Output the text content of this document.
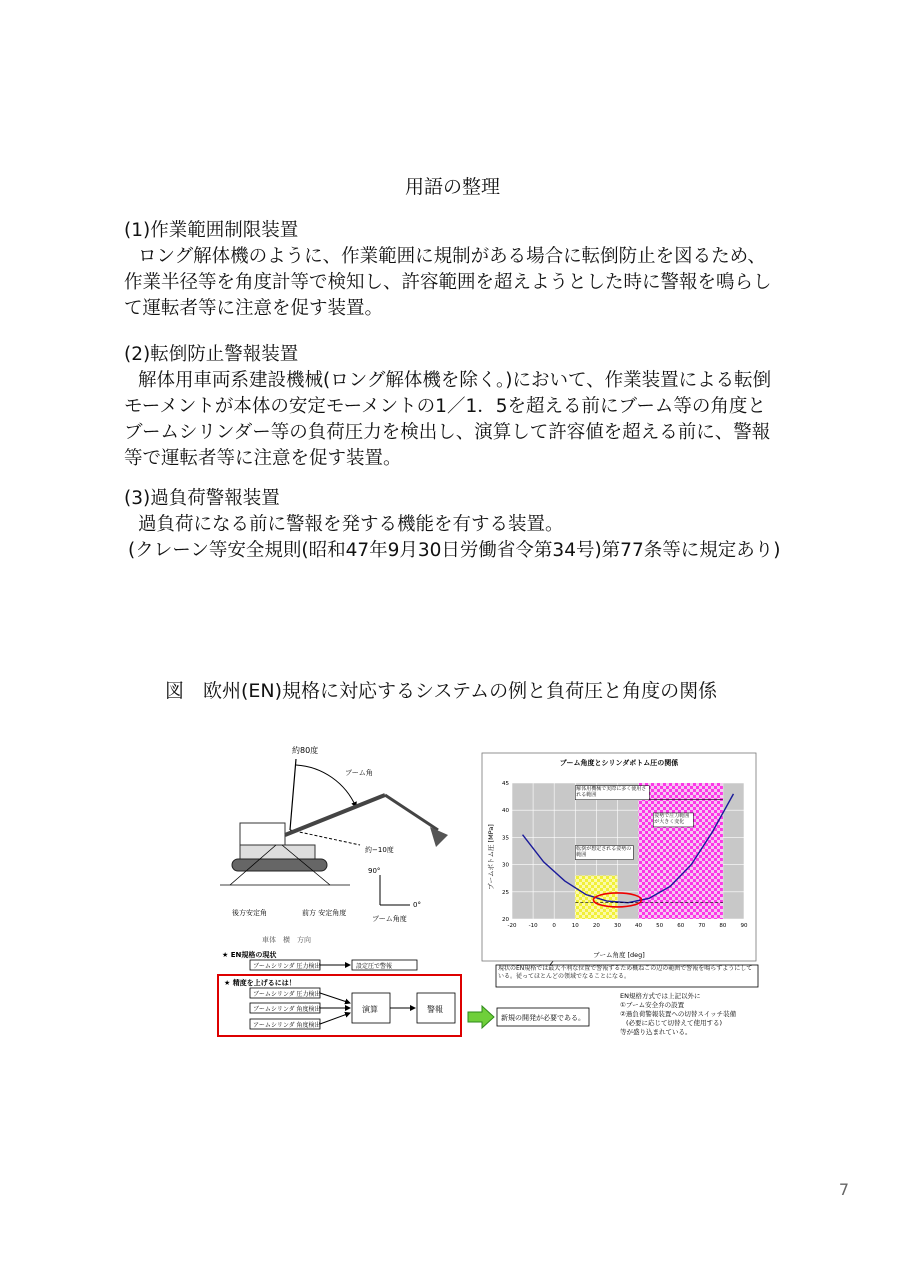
用語の整理
(1)作業範囲制限装置
ロング解体機のように、作業範囲に規制がある場合に転倒防止を図るため、作業半径等を角度計等で検知し、許容範囲を超えようとした時に警報を鳴らして運転者等に注意を促す装置。
(2)転倒防止警報装置
解体用車両系建設機械(ロング解体機を除く。)において、作業装置による転倒モーメントが本体の安定モーメントの1／1．5を超える前にブーム等の角度とブームシリンダー等の負荷圧力を検出し、演算して許容値を超える前に、警報等で運転者等に注意を促す装置。
(3)過負荷警報装置
過負荷になる前に警報を発する機能を有する装置。
(クレーン等安全規則(昭和47年9月30日労働省令第34号)第77条等に規定あり)
図　欧州(EN)規格に対応するシステムの例と負荷圧と角度の関係
約80度
ブーム角
約−10度
後方安定角	前方 安定角度
90°
0°
ブーム角度
車体　横　方向
★ EN規格の現状
ブームシリンダ 圧力検出	設定圧で警報
★ 精度を上げるには！
ブームシリンダ 圧力検出
ブームシリンダ 角度検出
アームシリンダ 角度検出
演算	警報
新規の開発が必要である。
現状のEN規格では最大不利な位置で警報するため概ねこの辺の範囲で警報を鳴らすようにしている。従ってほとんどの領域でなることになる。
EN規格方式では上記以外に
①ブーム安全弁の設置
②過負荷警報装置への切替スイッチ装備
(必要に応じて切替えて使用する)
等が盛り込まれている。
ブーム角度とシリンダボトム圧の関係
20
25
30
35
40
45
-20 -10	0	10	20	30	40	50	60	70	80	90
解体用機械で実際に多く使用される範囲
転倒が想定される姿勢の範囲
姿勢で圧力範囲が大きく変化
ブーム角度 [deg]
ブームボトム圧 [MPa]
7
